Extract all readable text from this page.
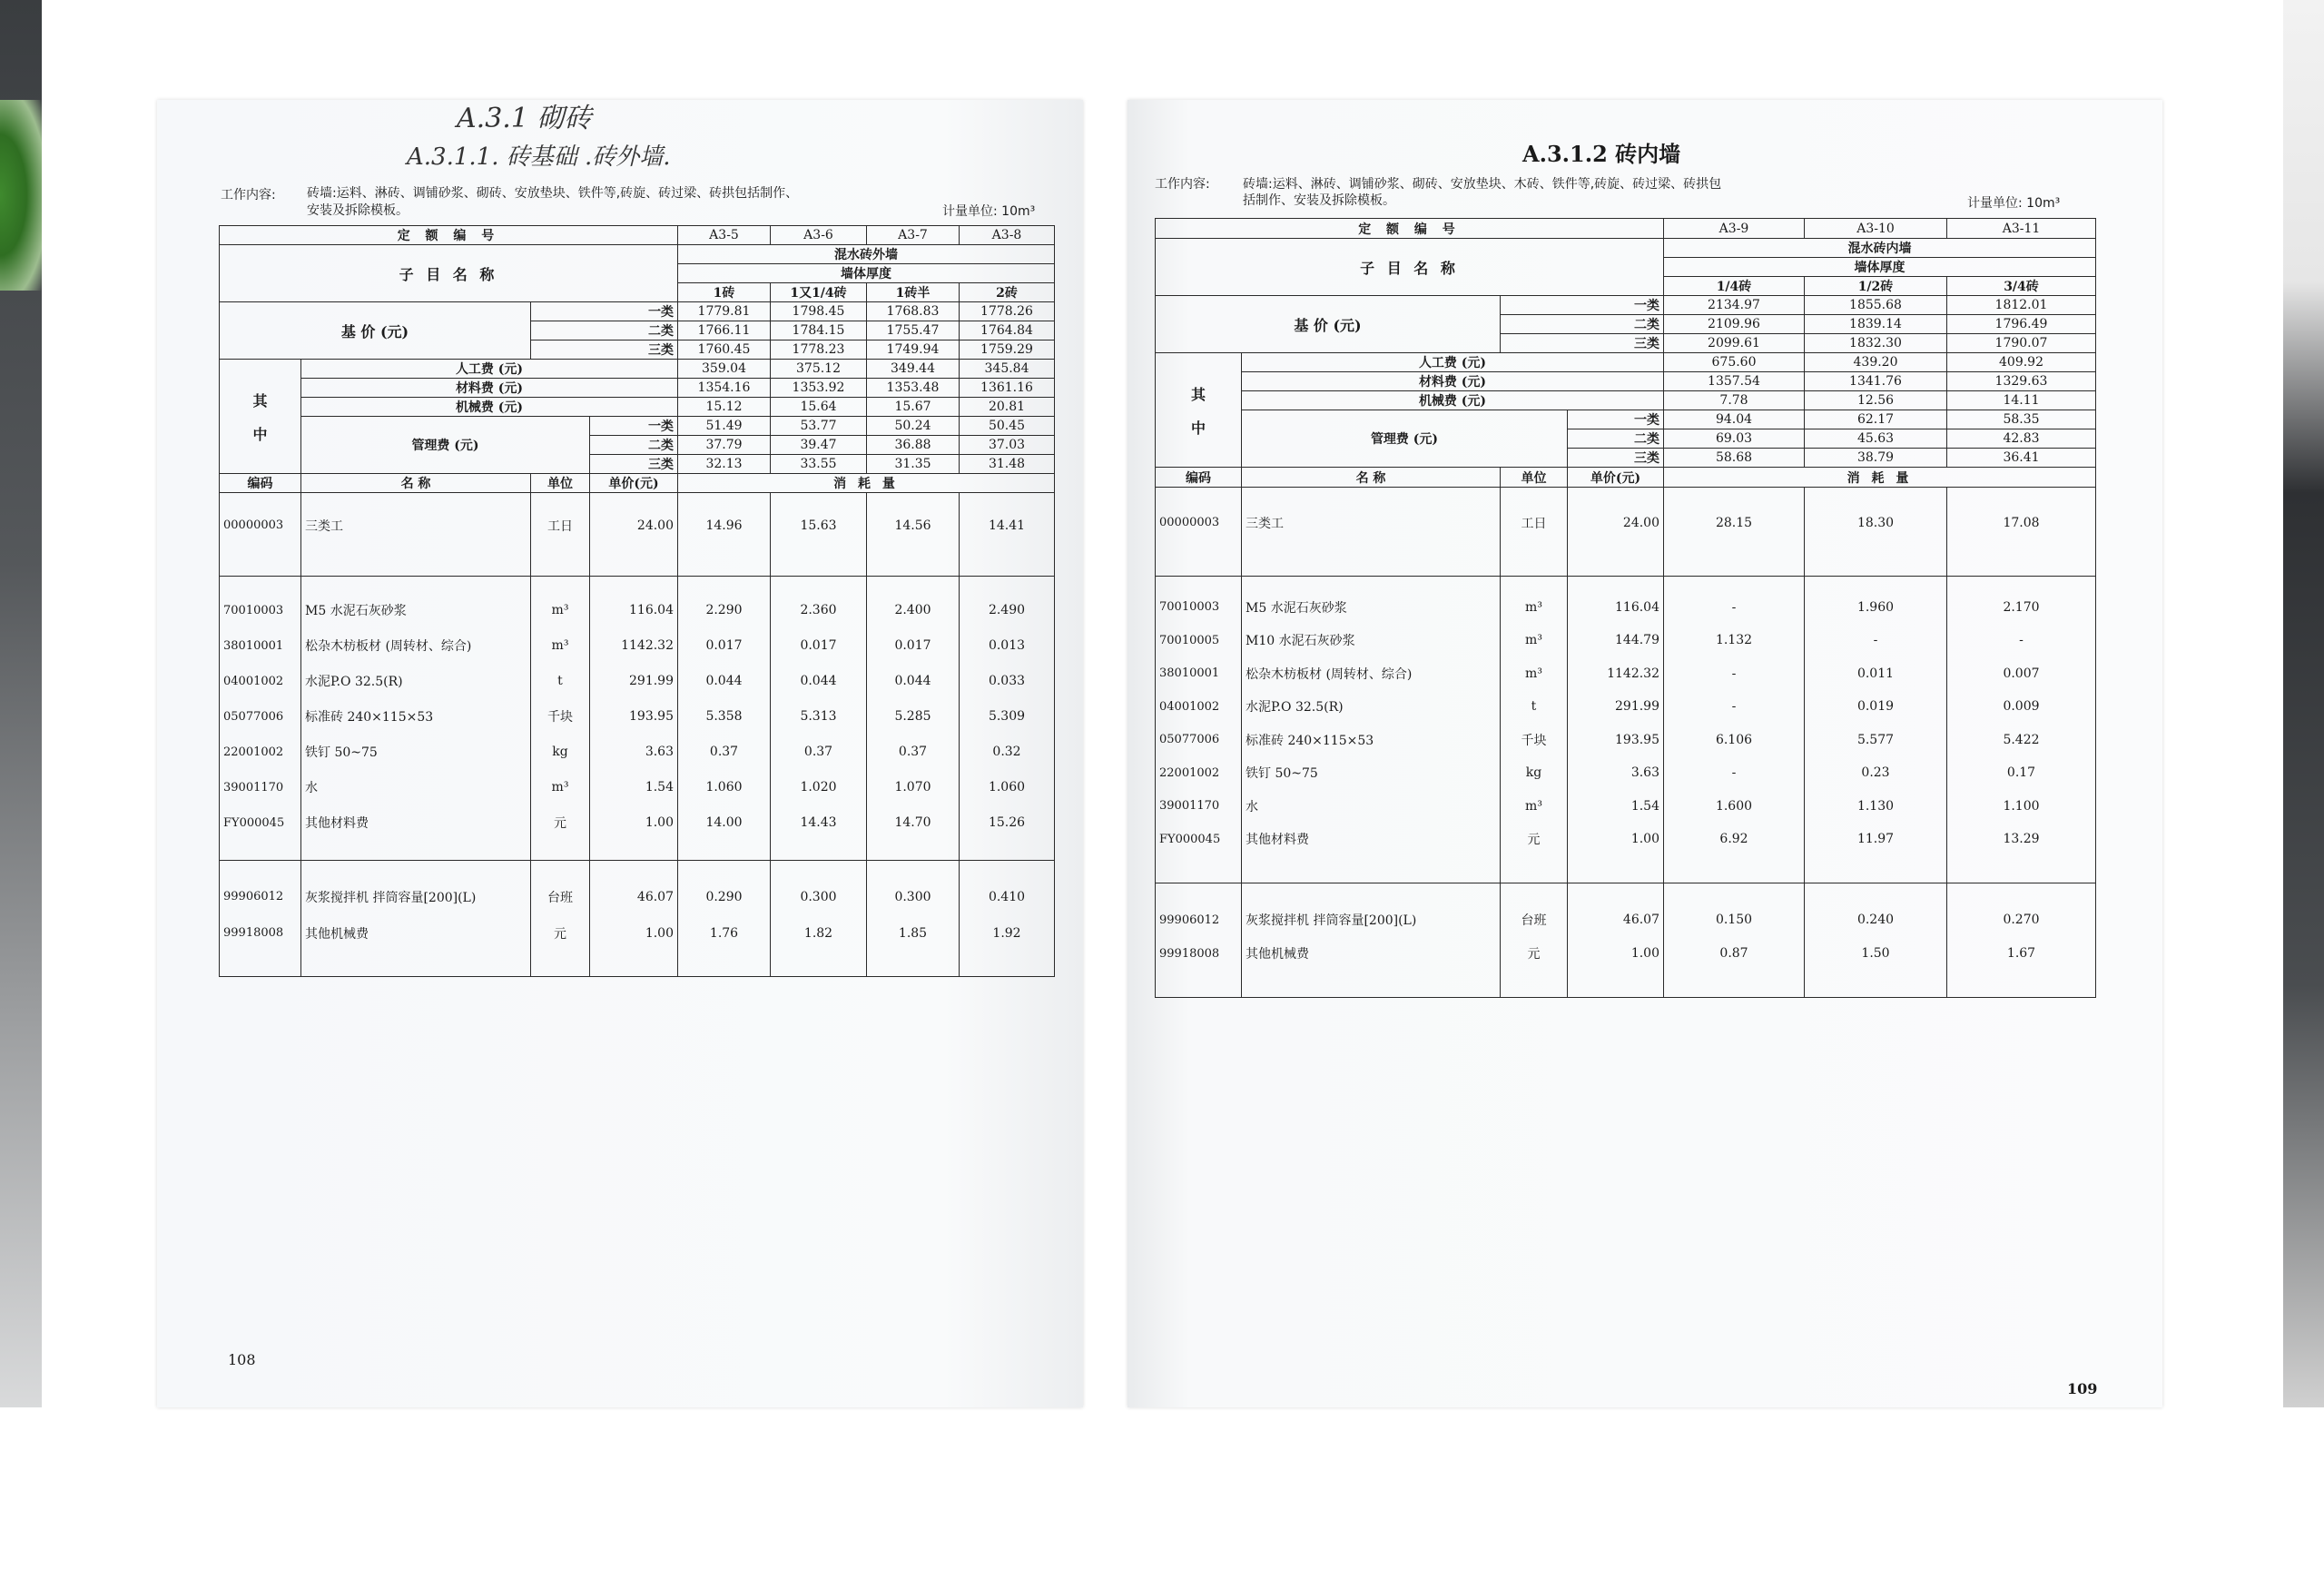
A.3.1 砌砖
A.3.1.1. 砖基础 .砖外墙.
工作内容: 砖墙:运料、淋砖、调铺砂浆、砌砖、安放垫块、铁件等,砖旋、砖过梁、砖拱包括制作、
安装及拆除模板。	计量单位: 10m³
定 额 编 号				A3-5	A3-6	A3-7	A3-8
子 目 名 称				混水砖外墙			
				墙体厚度			
				1砖	1又1/4砖	1砖半	2砖
基 价 (元)		一类		1779.81	1798.45	1768.83	1778.26
		二类		1766.11	1784.15	1755.47	1764.84
		三类		1760.45	1778.23	1749.94	1759.29

其
中	人工费 (元)			359.04	375.12	349.44	345.84
	材料费 (元)			1354.16	1353.92	1353.48	1361.16
	机械费 (元)			15.12	15.64	15.67	20.81
	管理费 (元)		一类	51.49	53.77	50.24	50.45
			二类	37.79	39.47	36.88	37.03
			三类	32.13	33.55	31.35	31.48
编码	名 称	单位	单价(元)	消 耗 量			

00000003	三类工	工日	24.00	14.96	15.63	14.56	14.41

70010003	M5 水泥石灰砂浆	m³	116.04	2.290	2.360	2.400	2.490
38010001	松杂木枋板材 (周转材、综合)	m³	1142.32	0.017	0.017	0.017	0.013
04001002	水泥P.O 32.5(R)	t	291.99	0.044	0.044	0.044	0.033
05077006	标准砖 240×115×53	千块	193.95	5.358	5.313	5.285	5.309
22001002	铁钉 50~75	kg	3.63	0.37	0.37	0.37	0.32
39001170	水	m³	1.54	1.060	1.020	1.070	1.060
FY000045	其他材料费	元	1.00	14.00	14.43	14.70	15.26

99906012	灰浆搅拌机 拌筒容量[200](L)	台班	46.07	0.290	0.300	0.300	0.410
99918008	其他机械费	元	1.00	1.76	1.82	1.85	1.92

108
A.3.1.2 砖内墙
工作内容:	砖墙:运料、淋砖、调铺砂浆、砌砖、安放垫块、木砖、铁件等,砖旋、砖过梁、砖拱包
括制作、安装及拆除模板。	计量单位: 10m³
定 额 编 号				A3-9	A3-10	A3-11
子 目 名 称				混水砖内墙		
				墙体厚度		
				1/4砖	1/2砖	3/4砖
基 价 (元)		一类		2134.97	1855.68	1812.01
		二类		2109.96	1839.14	1796.49
		三类		2099.61	1832.30	1790.07

其
中	人工费 (元)			675.60	439.20	409.92
	材料费 (元)			1357.54	1341.76	1329.63
	机械费 (元)			7.78	12.56	14.11
	管理费 (元)		一类	94.04	62.17	58.35
			二类	69.03	45.63	42.83
			三类	58.68	38.79	36.41
编码	名 称	单位	单价(元)	消 耗 量		

00000003	三类工	工日	24.00	28.15	18.30	17.08

70010003	M5 水泥石灰砂浆	m³	116.04	-	1.960	2.170
70010005	M10 水泥石灰砂浆	m³	144.79	1.132	-	-
38010001	松杂木枋板材 (周转材、综合)	m³	1142.32	-	0.011	0.007
04001002	水泥P.O 32.5(R)	t	291.99	-	0.019	0.009
05077006	标准砖 240×115×53	千块	193.95	6.106	5.577	5.422
22001002	铁钉 50~75	kg	3.63	-	0.23	0.17
39001170	水	m³	1.54	1.600	1.130	1.100
FY000045	其他材料费	元	1.00	6.92	11.97	13.29

99906012	灰浆搅拌机 拌筒容量[200](L)	台班	46.07	0.150	0.240	0.270
99918008	其他机械费	元	1.00	0.87	1.50	1.67

109
